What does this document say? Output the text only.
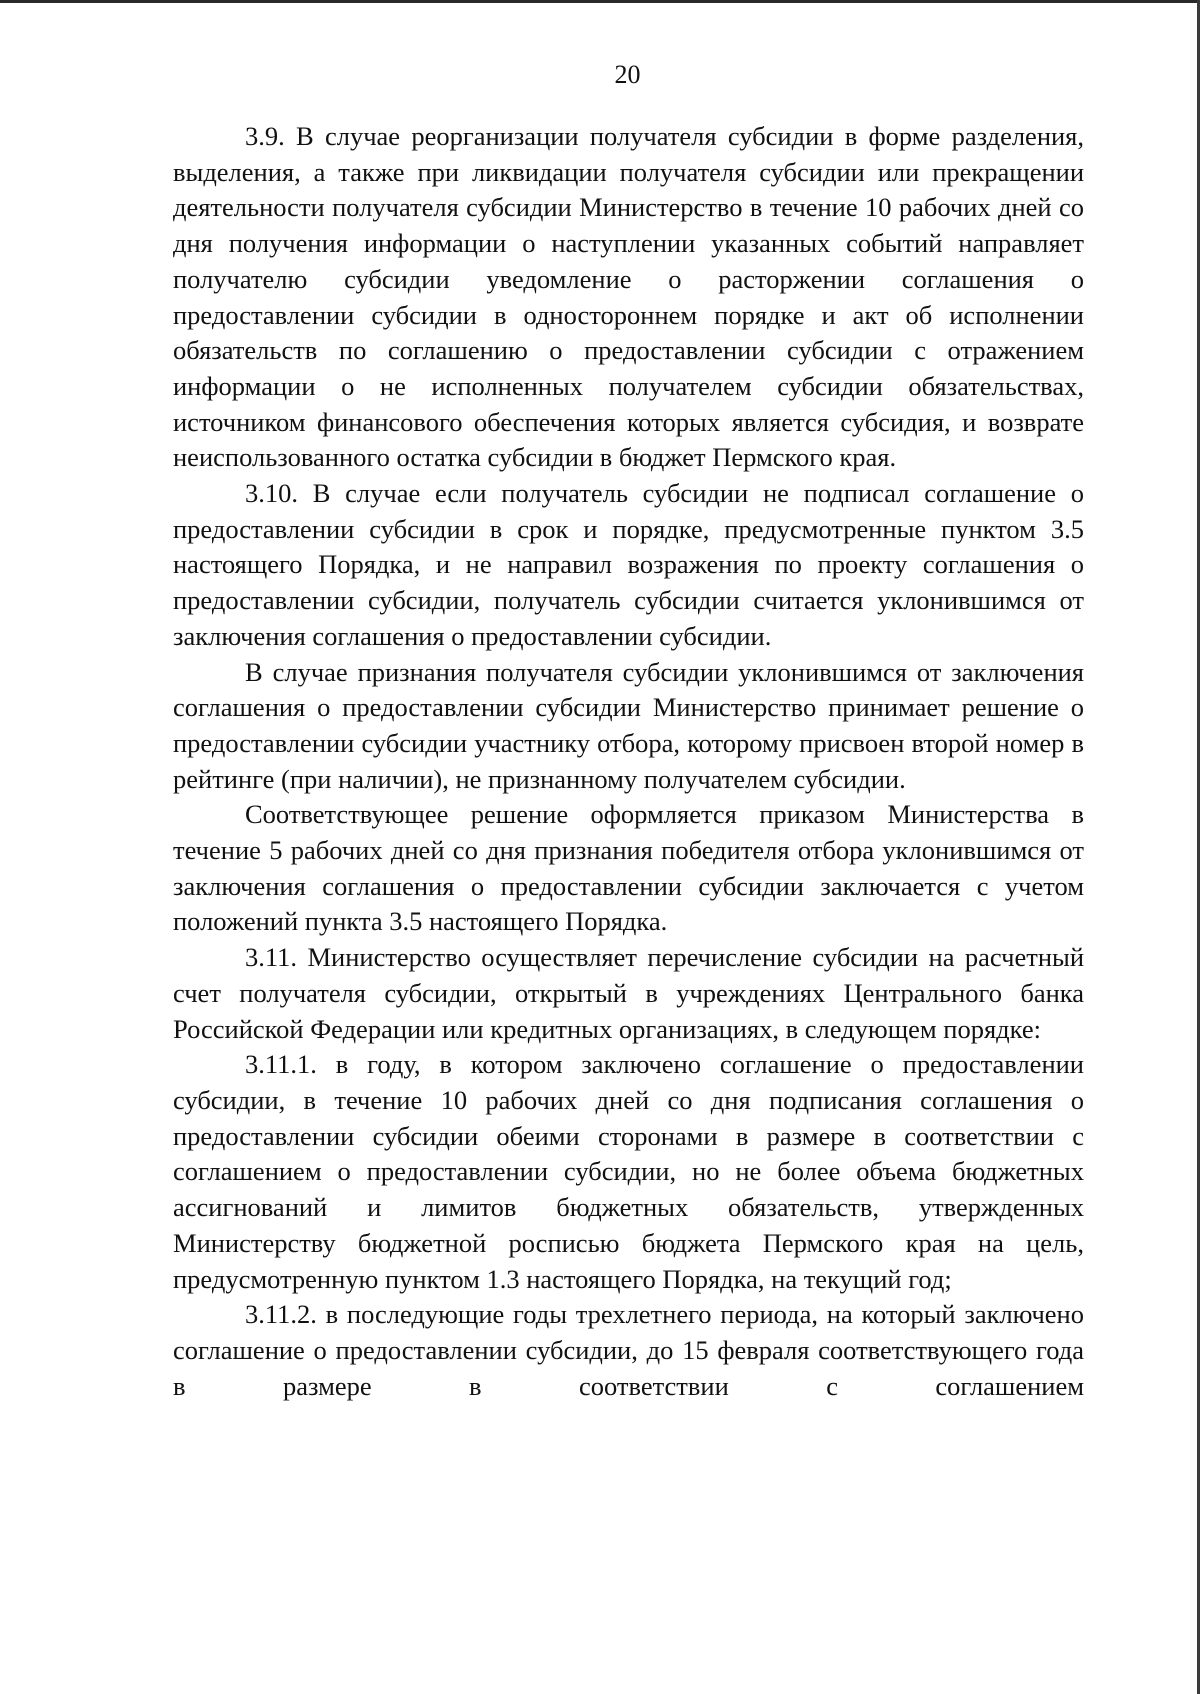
20

3.9. В случае реорганизации получателя субсидии в форме разделения, выделения, а также при ликвидации получателя субсидии или прекращении деятельности получателя субсидии Министерство в течение 10 рабочих дней со дня получения информации о наступлении указанных событий направляет получателю субсидии уведомление о расторжении соглашения о предоставлении субсидии в одностороннем порядке и акт об исполнении обязательств по соглашению о предоставлении субсидии с отражением информации о не исполненных получателем субсидии обязательствах, источником финансового обеспечения которых является субсидия, и возврате неиспользованного остатка субсидии в бюджет Пермского края.

3.10. В случае если получатель субсидии не подписал соглашение о предоставлении субсидии в срок и порядке, предусмотренные пунктом 3.5 настоящего Порядка, и не направил возражения по проекту соглашения о предоставлении субсидии, получатель субсидии считается уклонившимся от заключения соглашения о предоставлении субсидии.

В случае признания получателя субсидии уклонившимся от заключения соглашения о предоставлении субсидии Министерство принимает решение о предоставлении субсидии участнику отбора, которому присвоен второй номер в рейтинге (при наличии), не признанному получателем субсидии.

Соответствующее решение оформляется приказом Министерства в течение 5 рабочих дней со дня признания победителя отбора уклонившимся от заключения соглашения о предоставлении субсидии заключается с учетом положений пункта 3.5 настоящего Порядка.

3.11. Министерство осуществляет перечисление субсидии на расчетный счет получателя субсидии, открытый в учреждениях Центрального банка Российской Федерации или кредитных организациях, в следующем порядке:

3.11.1. в году, в котором заключено соглашение о предоставлении субсидии, в течение 10 рабочих дней со дня подписания соглашения о предоставлении субсидии обеими сторонами в размере в соответствии с соглашением о предоставлении субсидии, но не более объема бюджетных ассигнований и лимитов бюджетных обязательств, утвержденных Министерству бюджетной росписью бюджета Пермского края на цель, предусмотренную пунктом 1.3 настоящего Порядка, на текущий год;

3.11.2. в последующие годы трехлетнего периода, на который заключено соглашение о предоставлении субсидии, до 15 февраля соответствующего года в размере в соответствии с соглашением
